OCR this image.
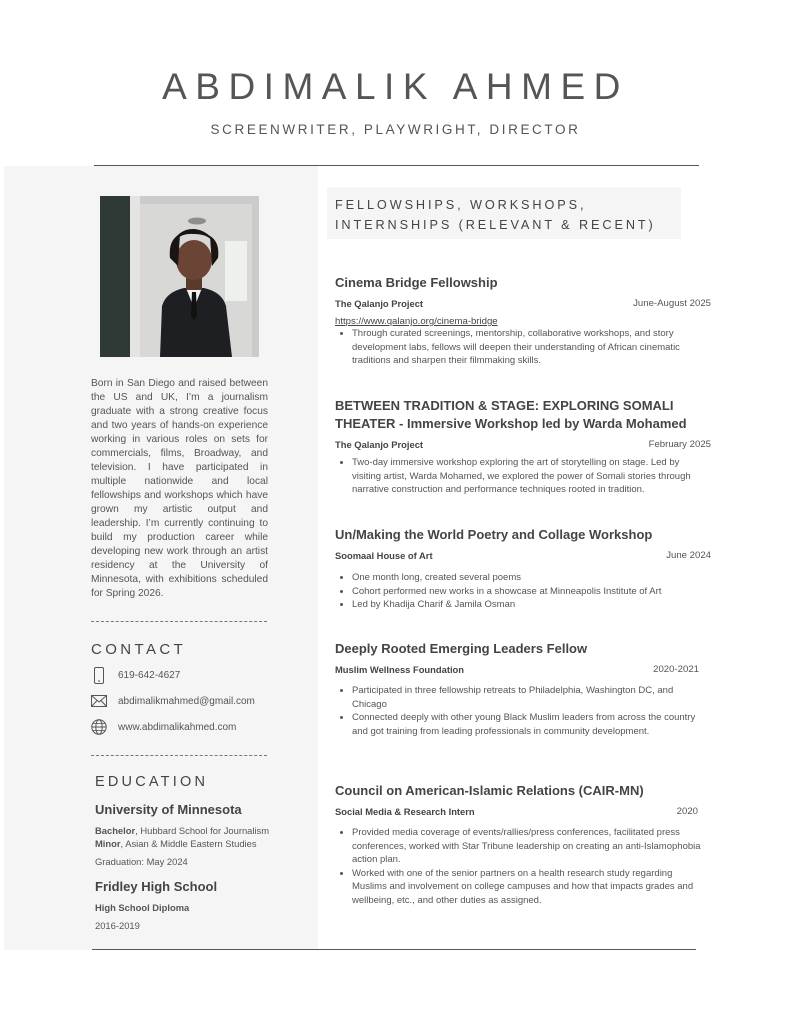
ABDIMALIK AHMED
SCREENWRITER, PLAYWRIGHT, DIRECTOR
Born in San Diego and raised between the US and UK, I’m a journalism graduate with a strong creative focus and two years of hands-on experience working in various roles on sets for commercials, films, Broadway, and television. I have participated in multiple nationwide and local fellowships and workshops which have grown my artistic output and leadership. I’m currently continuing to build my production career while developing new work through an artist residency at the University of Minnesota, with exhibitions scheduled for Spring 2026.
CONTACT
619-642-4627
abdimalikmahmed@gmail.com
www.abdimalikahmed.com
EDUCATION
University of Minnesota
Bachelor, Hubbard School for Journalism
Minor, Asian & Middle Eastern Studies
Graduation: May 2024
Fridley High School
High School Diploma
2016-2019
FELLOWSHIPS, WORKSHOPS,
INTERNSHIPS (RELEVANT & RECENT)
Cinema Bridge Fellowship
The Qalanjo Project	June-August 2025
https://www.qalanjo.org/cinema-bridge
• Through curated screenings, mentorship, collaborative workshops, and story development labs, fellows will deepen their understanding of African cinematic traditions and sharpen their filmmaking skills.
BETWEEN TRADITION & STAGE: EXPLORING SOMALI
THEATER - Immersive Workshop led by Warda Mohamed
The Qalanjo Project	February 2025
• Two-day immersive workshop exploring the art of storytelling on stage. Led by visiting artist, Warda Mohamed, we explored the power of Somali stories through narrative construction and performance techniques rooted in tradition.
Un/Making the World Poetry and Collage Workshop
Soomaal House of Art	June 2024
• One month long, created several poems
• Cohort performed new works in a showcase at Minneapolis Institute of Art
• Led by Khadija Charif & Jamila Osman
Deeply Rooted Emerging Leaders Fellow
Muslim Wellness Foundation	2020-2021
• Participated in three fellowship retreats to Philadelphia, Washington DC, and Chicago
• Connected deeply with other young Black Muslim leaders from across the country and got training from leading professionals in community development.
Council on American-Islamic Relations (CAIR-MN)
Social Media & Research Intern	2020
• Provided media coverage of events/rallies/press conferences, facilitated press conferences, worked with Star Tribune leadership on creating an anti-Islamophobia action plan.
• Worked with one of the senior partners on a health research study regarding Muslims and involvement on college campuses and how that impacts grades and wellbeing, etc., and other duties as assigned.
